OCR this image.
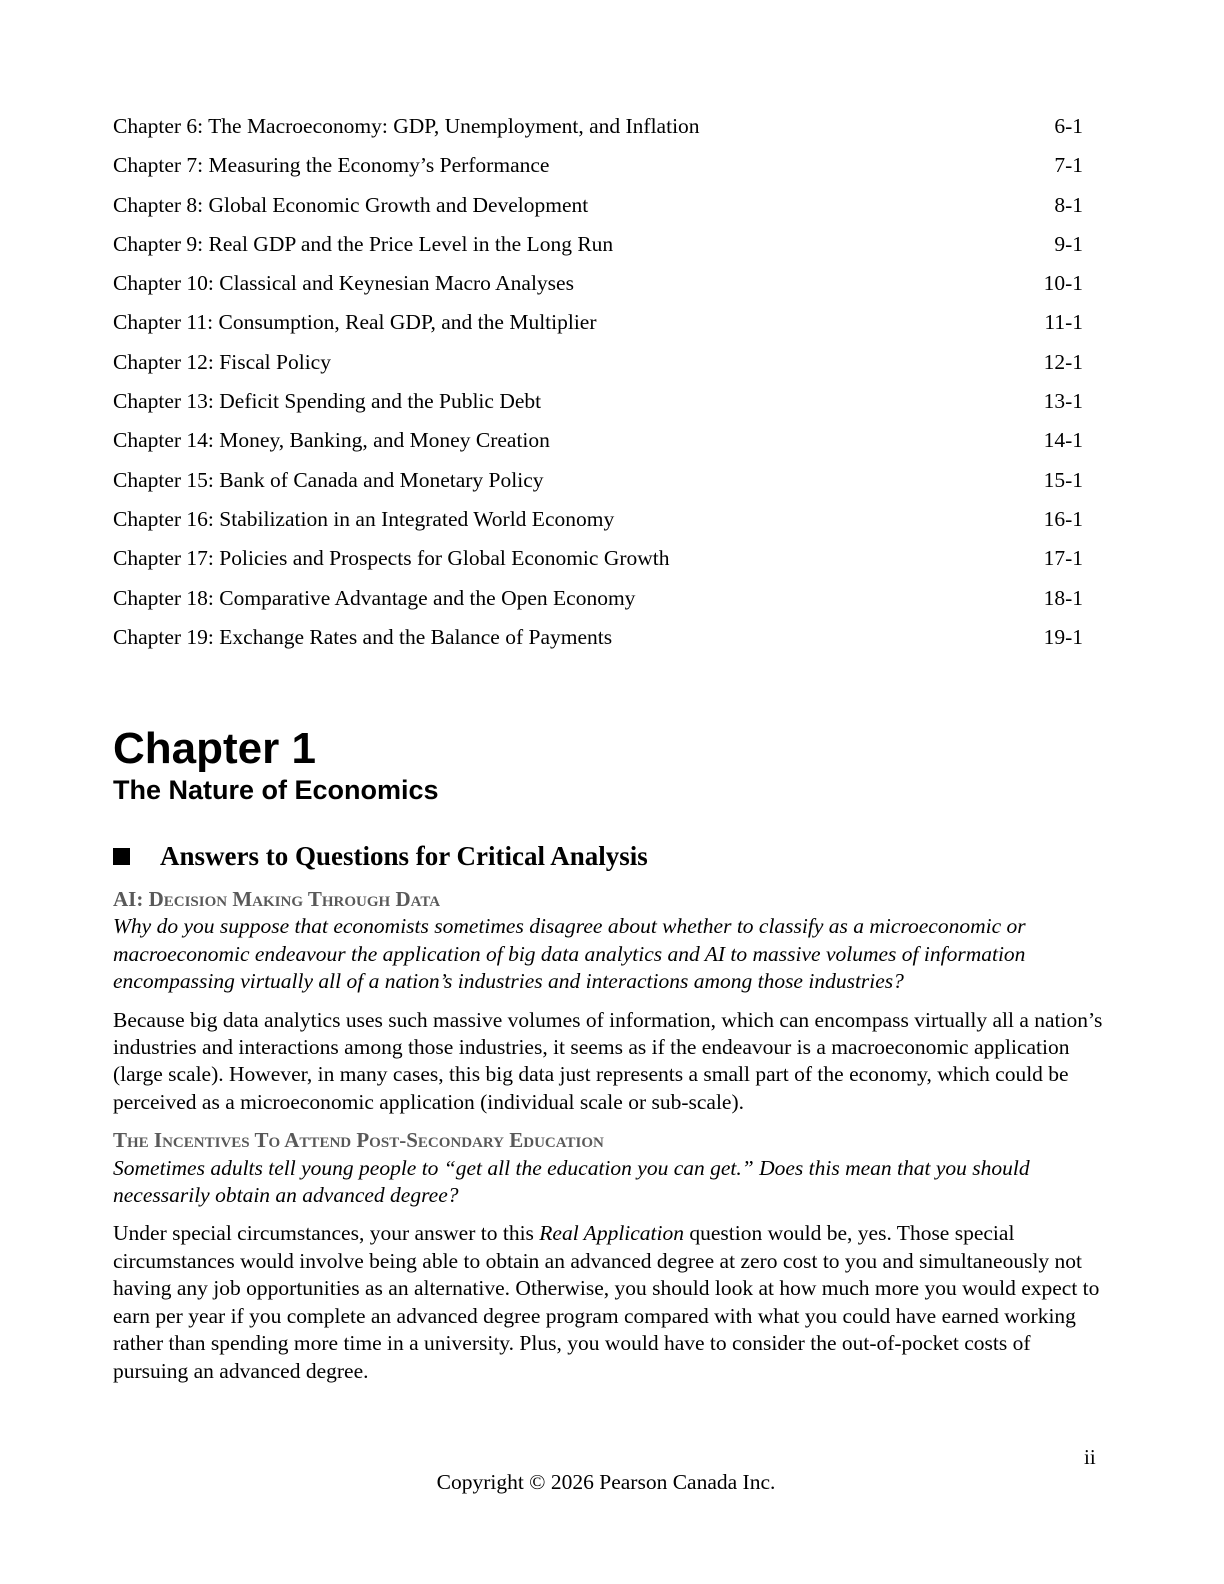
Chapter 6: The Macroeconomy: GDP, Unemployment, and Inflation	6-1
Chapter 7: Measuring the Economy’s Performance	7-1
Chapter 8: Global Economic Growth and Development	8-1
Chapter 9: Real GDP and the Price Level in the Long Run	9-1
Chapter 10: Classical and Keynesian Macro Analyses	10-1
Chapter 11: Consumption, Real GDP, and the Multiplier	11-1
Chapter 12: Fiscal Policy	12-1
Chapter 13: Deficit Spending and the Public Debt	13-1
Chapter 14: Money, Banking, and Money Creation	14-1
Chapter 15: Bank of Canada and Monetary Policy	15-1
Chapter 16: Stabilization in an Integrated World Economy	16-1
Chapter 17: Policies and Prospects for Global Economic Growth	17-1
Chapter 18: Comparative Advantage and the Open Economy	18-1
Chapter 19: Exchange Rates and the Balance of Payments	19-1
Chapter 1
The Nature of Economics
Answers to Questions for Critical Analysis
AI: Decision Making Through Data
Why do you suppose that economists sometimes disagree about whether to classify as a microeconomic or macroeconomic endeavour the application of big data analytics and AI to massive volumes of information encompassing virtually all of a nation’s industries and interactions among those industries?
Because big data analytics uses such massive volumes of information, which can encompass virtually all a nation’s industries and interactions among those industries, it seems as if the endeavour is a macroeconomic application (large scale). However, in many cases, this big data just represents a small part of the economy, which could be perceived as a microeconomic application (individual scale or sub-scale).
The Incentives To Attend Post-Secondary Education
Sometimes adults tell young people to “get all the education you can get.” Does this mean that you should necessarily obtain an advanced degree?
Under special circumstances, your answer to this Real Application question would be, yes. Those special circumstances would involve being able to obtain an advanced degree at zero cost to you and simultaneously not having any job opportunities as an alternative. Otherwise, you should look at how much more you would expect to earn per year if you complete an advanced degree program compared with what you could have earned working rather than spending more time in a university. Plus, you would have to consider the out-of-pocket costs of pursuing an advanced degree.
ii
Copyright © 2026 Pearson Canada Inc.
